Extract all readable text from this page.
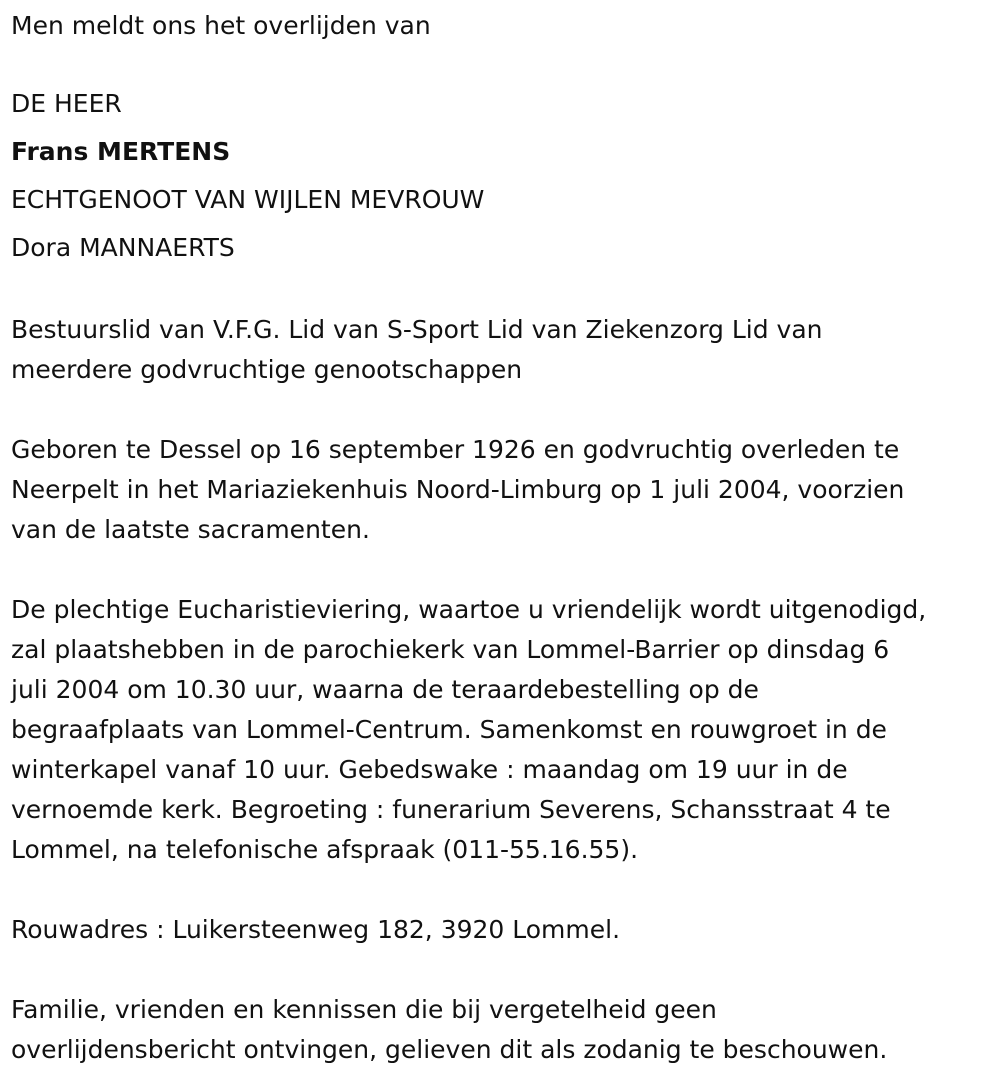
Men meldt ons het overlijden van
DE HEER
Frans MERTENS
ECHTGENOOT VAN WIJLEN MEVROUW
Dora MANNAERTS

Bestuurslid van V.F.G. Lid van S-Sport Lid van Ziekenzorg Lid van
meerdere godvruchtige genootschappen

Geboren te Dessel op 16 september 1926 en godvruchtig overleden te
Neerpelt in het Mariaziekenhuis Noord-Limburg op 1 juli 2004, voorzien
van de laatste sacramenten.

De plechtige Eucharistieviering, waartoe u vriendelijk wordt uitgenodigd,
zal plaatshebben in de parochiekerk van Lommel-Barrier op dinsdag 6
juli 2004 om 10.30 uur, waarna de teraardebestelling op de
begraafplaats van Lommel-Centrum. Samenkomst en rouwgroet in de
winterkapel vanaf 10 uur. Gebedswake : maandag om 19 uur in de
vernoemde kerk. Begroeting : funerarium Severens, Schansstraat 4 te
Lommel, na telefonische afspraak (011-55.16.55).

Rouwadres : Luikersteenweg 182, 3920 Lommel.

Familie, vrienden en kennissen die bij vergetelheid geen
overlijdensbericht ontvingen, gelieven dit als zodanig te beschouwen.
